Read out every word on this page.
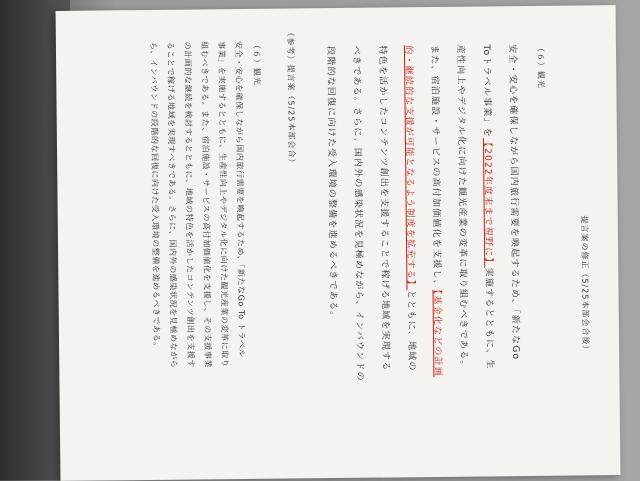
提言案の修正（5/25本部会合後）
（６）観光
安全・安心を確保しながら国内旅行需要を喚起するため、「新たなGo
Toトラベル事業」を【2022年度末まで視野に】実施するとともに、生
産性向上やデジタル化に向けた観光産業の変革に取り組むべきである。
また、宿泊施設・サービスの高付加価値化を支援し、【基金化などの計画
的・継続的な支援が可能となるよう制度を拡充する】とともに、地域の
特色を活かしたコンテンツ創出を支援することで稼げる地域を実現する
べきである。さらに、国内外の感染状況を見極めながら、インバウンドの
段階的な回復に向けた受入環境の整備を進めるべきである。
（参考）提言案（5/25本部会合）
（６）観光
安全・安心を確保しながら国内旅行需要を喚起するため、「新たなGo To トラベル
事業」を実施するとともに、生産性向上やデジタル化に向けた観光産業の変革に取り
組むべきである。また、宿泊施設・サービスの高付加価値化を支援し、その支援事業
の計画的な継続を検討するとともに、地域の特色を活かしたコンテンツ創出を支援す
ることで稼げる地域を実現すべきである。さらに、国内外の感染状況を見極めながら
ら、インバウンドの段階的な回復に向けた受入環境の整備を進めるべきである。
